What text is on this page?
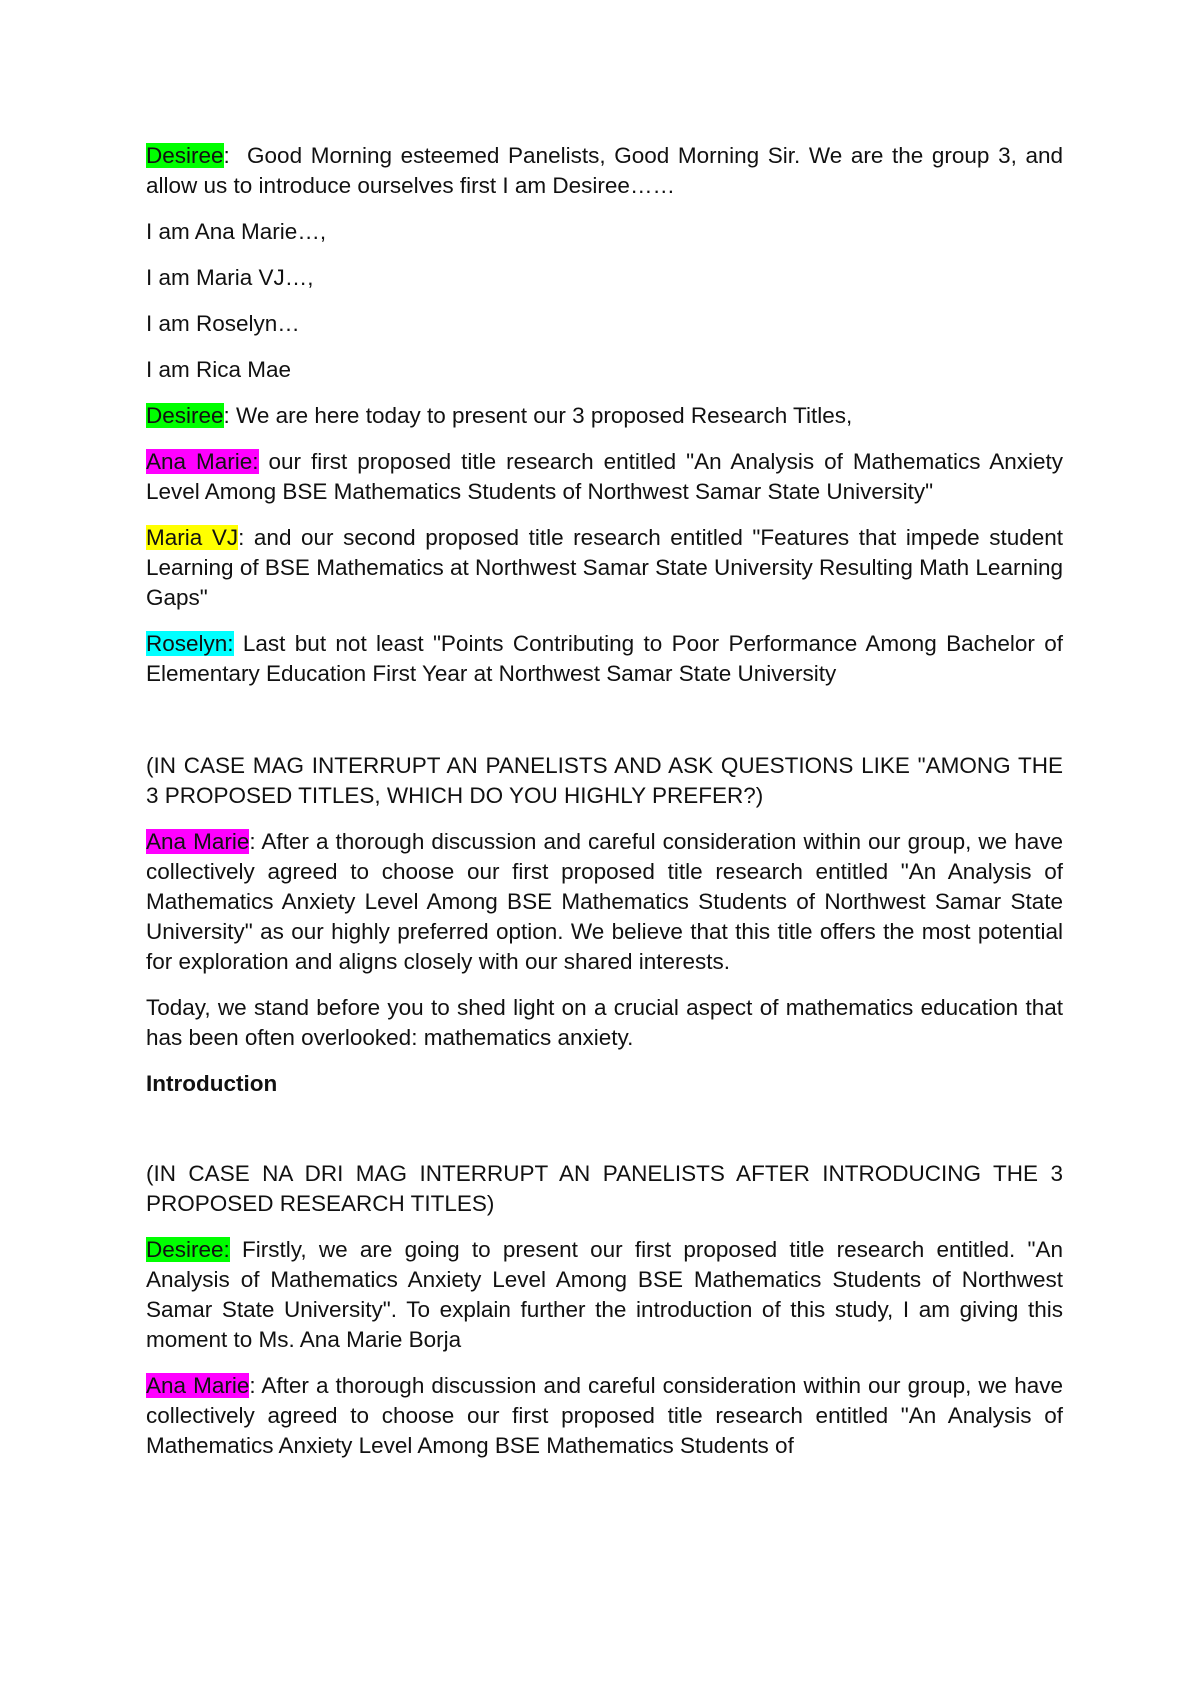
Desiree:  Good Morning esteemed Panelists, Good Morning Sir. We are the group 3, and allow us to introduce ourselves first I am Desiree……

I am Ana Marie…,

I am Maria VJ…,

I am Roselyn…

I am Rica Mae

Desiree: We are here today to present our 3 proposed Research Titles,

Ana Marie: our first proposed title research entitled "An Analysis of Mathematics Anxiety Level Among BSE Mathematics Students of Northwest Samar State University"

Maria VJ: and our second proposed title research entitled "Features that impede student Learning of BSE Mathematics at Northwest Samar State University Resulting Math Learning Gaps"

Roselyn: Last but not least "Points Contributing to Poor Performance Among Bachelor of Elementary Education First Year at Northwest Samar State University

(IN CASE MAG INTERRUPT AN PANELISTS AND ASK QUESTIONS LIKE "AMONG THE 3 PROPOSED TITLES, WHICH DO YOU HIGHLY PREFER?)

Ana Marie: After a thorough discussion and careful consideration within our group, we have collectively agreed to choose our first proposed title research entitled "An Analysis of Mathematics Anxiety Level Among BSE Mathematics Students of Northwest Samar State University" as our highly preferred option. We believe that this title offers the most potential for exploration and aligns closely with our shared interests.

Today, we stand before you to shed light on a crucial aspect of mathematics education that has been often overlooked: mathematics anxiety.

Introduction

(IN CASE NA DRI MAG INTERRUPT AN PANELISTS AFTER INTRODUCING THE 3 PROPOSED RESEARCH TITLES)

Desiree: Firstly, we are going to present our first proposed title research entitled. "An Analysis of Mathematics Anxiety Level Among BSE Mathematics Students of Northwest Samar State University". To explain further the introduction of this study, I am giving this moment to Ms. Ana Marie Borja

Ana Marie: After a thorough discussion and careful consideration within our group, we have collectively agreed to choose our first proposed title research entitled "An Analysis of Mathematics Anxiety Level Among BSE Mathematics Students of
